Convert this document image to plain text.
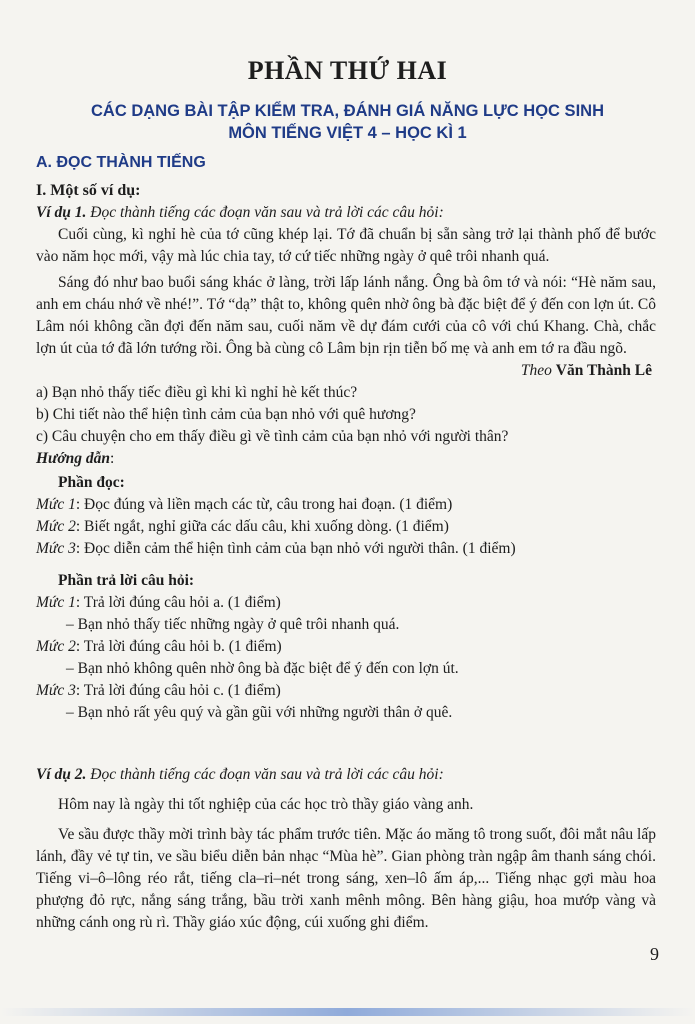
PHẦN THỨ HAI
CÁC DẠNG BÀI TẬP KIỂM TRA, ĐÁNH GIÁ NĂNG LỰC HỌC SINH
MÔN TIẾNG VIỆT 4 – HỌC KÌ 1
A. ĐỌC THÀNH TIẾNG
I. Một số ví dụ:

Ví dụ 1. Đọc thành tiếng các đoạn văn sau và trả lời các câu hỏi:

Cuối cùng, kì nghỉ hè của tớ cũng khép lại. Tớ đã chuẩn bị sẵn sàng trở lại thành phố để bước vào năm học mới, vậy mà lúc chia tay, tớ cứ tiếc những ngày ở quê trôi nhanh quá.

Sáng đó như bao buổi sáng khác ở làng, trời lấp lánh nắng. Ông bà ôm tớ và nói: “Hè năm sau, anh em cháu nhớ về nhé!”. Tớ “dạ” thật to, không quên nhờ ông bà đặc biệt để ý đến con lợn út. Cô Lâm nói không cần đợi đến năm sau, cuối năm về dự đám cưới của cô với chú Khang. Chà, chắc lợn út của tớ đã lớn tướng rồi. Ông bà cùng cô Lâm bịn rịn tiễn bố mẹ và anh em tớ ra đầu ngõ.

Theo Văn Thành Lê

a) Bạn nhỏ thấy tiếc điều gì khi kì nghỉ hè kết thúc?

b) Chi tiết nào thể hiện tình cảm của bạn nhỏ với quê hương?

c) Câu chuyện cho em thấy điều gì về tình cảm của bạn nhỏ với người thân?

Hướng dẫn:

Phần đọc:

Mức 1: Đọc đúng và liền mạch các từ, câu trong hai đoạn. (1 điểm)

Mức 2: Biết ngắt, nghỉ giữa các dấu câu, khi xuống dòng. (1 điểm)

Mức 3: Đọc diễn cảm thể hiện tình cảm của bạn nhỏ với người thân. (1 điểm)

Phần trả lời câu hỏi:

Mức 1: Trả lời đúng câu hỏi a. (1 điểm)

– Bạn nhỏ thấy tiếc những ngày ở quê trôi nhanh quá.

Mức 2: Trả lời đúng câu hỏi b. (1 điểm)

– Bạn nhỏ không quên nhờ ông bà đặc biệt để ý đến con lợn út.

Mức 3: Trả lời đúng câu hỏi c. (1 điểm)

– Bạn nhỏ rất yêu quý và gần gũi với những người thân ở quê.

Ví dụ 2. Đọc thành tiếng các đoạn văn sau và trả lời các câu hỏi:

Hôm nay là ngày thi tốt nghiệp của các học trò thầy giáo vàng anh.

Ve sầu được thầy mời trình bày tác phẩm trước tiên. Mặc áo măng tô trong suốt, đôi mắt nâu lấp lánh, đầy vẻ tự tin, ve sầu biểu diễn bản nhạc “Mùa hè”. Gian phòng tràn ngập âm thanh sáng chói. Tiếng vi–ô–lông réo rắt, tiếng cla–ri–nét trong sáng, xen–lô ấm áp,... Tiếng nhạc gợi màu hoa phượng đỏ rực, nắng sáng trắng, bầu trời xanh mênh mông. Bên hàng giậu, hoa mướp vàng và những cánh ong rù rì. Thầy giáo xúc động, cúi xuống ghi điểm.

9
